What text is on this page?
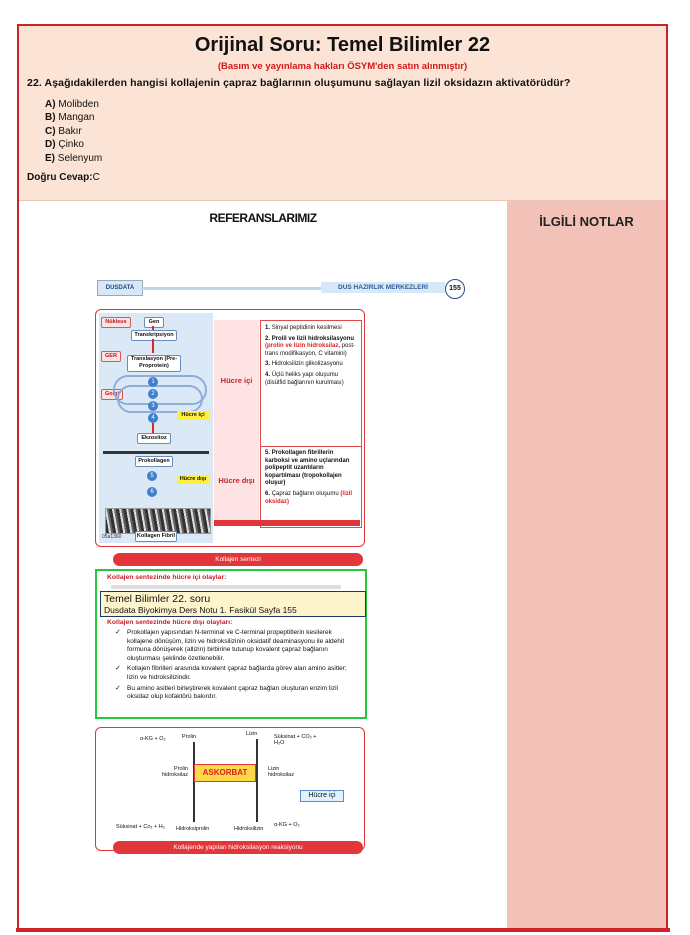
Orijinal Soru: Temel Bilimler 22
(Basım ve yayınlama hakları ÖSYM'den satın alınmıştır)
22. Aşağıdakilerden hangisi kollajenin çapraz bağlarının oluşumunu sağlayan lizil oksidazın aktivatörüdür?
A) Molibden
B) Mangan
C) Bakır
D) Çinko
E) Selenyum
Doğru Cevap:C
REFERANSLARIMIZ
DUSDATA	DUS HAZIRLIK MERKEZLERİ	155
Nükleus	Gen
Transkripsiyon
GER	Translasyon (Pre-Proprotein)
Golgi
1
2
3
4	Hücre içi
Ekzositoz
Prokollagen
5	Hücre dışı
6
05a1360	Kollagen Fibril
Hücre içi
Hücre dışı
1. Sinyal peptidinin kesilmesi
2. Prolil ve lizil hidroksilasyonu (prolin ve lizin hidroksilaz, post-trans modifikasyon, C vitamini)
3. Hidroksilizin glikolizasyonu
4. Üçlü heliks yapı oluşumu (disülfid bağlarının kurulması)
5. Prokollagen fibrillerin karboksi ve amino uçlarından polipeptit uzantıların kopartılması (tropokollajen oluşur)
6. Çapraz bağların oluşumu (lizil oksidaz)
Kollajen sentezi
Kollajen sentezinde hücre içi olaylar:
Temel Bilimler 22. soru
Dusdata Biyokimya Ders Notu 1. Fasikül Sayfa 155
Kollajen sentezinde hücre dışı olayları:
✓ Prokollajen yapısından N-terminal ve C-terminal propeptitlerin kesilerek kollajene dönüşüm, lizin ve hidroksilizinin oksidatif deaminasyonu ile aldehit formuna dönüşerek (allizin) birbirine tutunup kovalent çapraz bağlanın oluşturması şeklinde özetlenebilir.
✓ Kollajen fibrilleri arasında kovalent çapraz bağlarda görev alan amino asitler; lizin ve hidroksilizindir.
✓ Bu amino asitleri birleştirerek kovalent çapraz bağları oluşturan enzim lizil oksidaz olup kofaktörü bakırdır.
α-KG + O₂	Prolin	Lizin	Süksinat + CO₂ + H₂O
Prolin hidroksilaz	ASKORBAT	Lizin hidroksilaz
Hücre içi
Süksinat + Co₂ + H₂ Hidroksiprolin	Hidroksilizin
α-KG + O₂
Kollajende yapılan hidroksilasyon reaksiyonu
İLGİLİ NOTLAR
